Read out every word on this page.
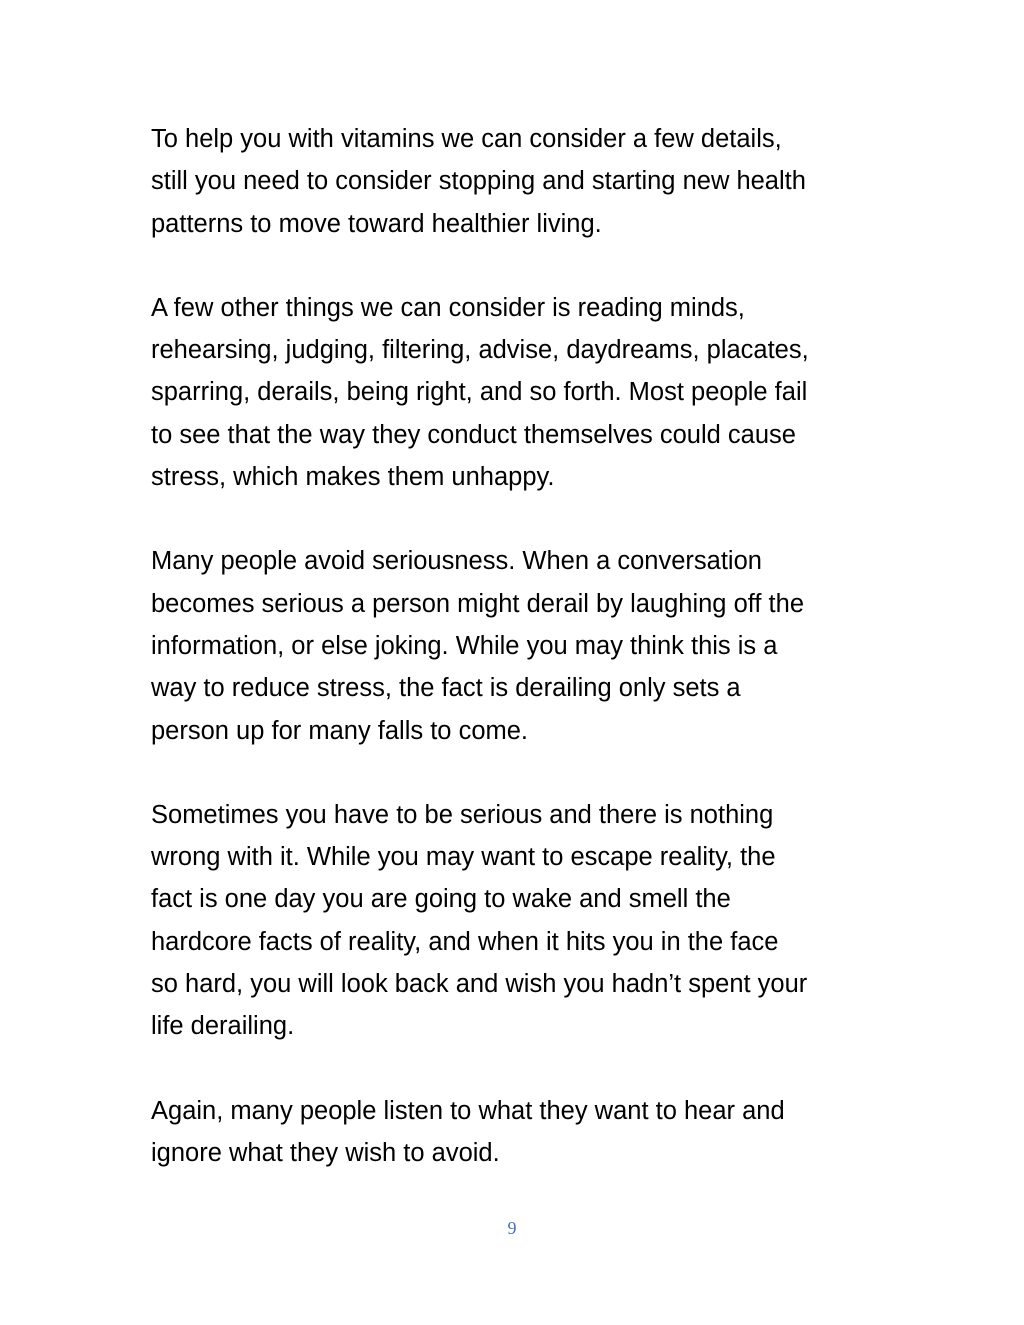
To help you with vitamins we can consider a few details,
still you need to consider stopping and starting new health
patterns to move toward healthier living.

A few other things we can consider is reading minds,
rehearsing, judging, filtering, advise, daydreams, placates,
sparring, derails, being right, and so forth. Most people fail
to see that the way they conduct themselves could cause
stress, which makes them unhappy.

Many people avoid seriousness. When a conversation
becomes serious a person might derail by laughing off the
information, or else joking. While you may think this is a
way to reduce stress, the fact is derailing only sets a
person up for many falls to come.

Sometimes you have to be serious and there is nothing
wrong with it. While you may want to escape reality, the
fact is one day you are going to wake and smell the
hardcore facts of reality, and when it hits you in the face
so hard, you will look back and wish you hadn’t spent your
life derailing.

Again, many people listen to what they want to hear and
ignore what they wish to avoid.

9
